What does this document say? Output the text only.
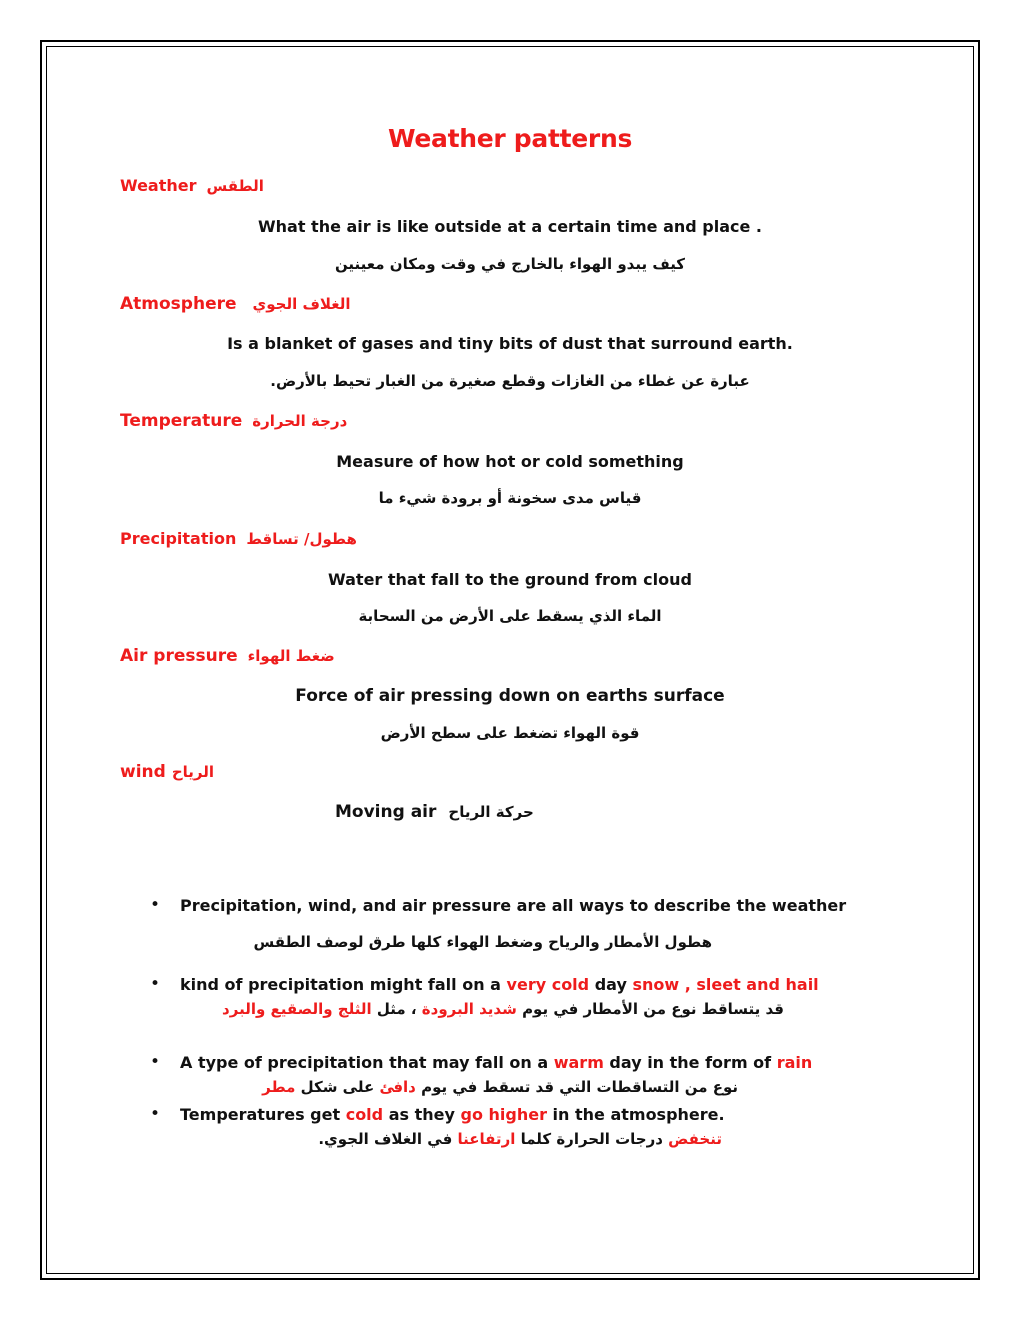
Weather patterns
Weather الطقس
What the air is like outside at a certain time and place .
كيف يبدو الهواء بالخارج في وقت ومكان معينين
Atmosphere الغلاف الجوي
Is a blanket of gases and tiny bits of dust that surround earth.
عبارة عن غطاء من الغازات وقطع صغيرة من الغبار تحيط بالأرض.
Temperature درجة الحرارة
Measure of how hot or cold something
قياس مدى سخونة أو برودة شيء ما
Precipitation هطول/ تساقط
Water that fall to the ground from cloud
الماء الذي يسقط على الأرض من السحابة
Air pressure ضغط الهواء
Force of air pressing down on earths surface
قوة الهواء تضغط على سطح الأرض
wind الرياح
Moving air حركة الرياح
• Precipitation, wind, and air pressure are all ways to describe the weather
هطول الأمطار والرياح وضغط الهواء كلها طرق لوصف الطقس
• kind of precipitation might fall on a very cold day snow , sleet and hail
قد يتساقط نوع من الأمطار في يوم شديد البرودة ، مثل الثلج والصقيع والبرد
• A type of precipitation that may fall on a warm day in the form of rain
نوع من التساقطات التي قد تسقط في يوم دافئ على شكل مطر
• Temperatures get cold as they go higher in the atmosphere.
تنخفض درجات الحرارة كلما ارتفاعنا في الغلاف الجوي.
